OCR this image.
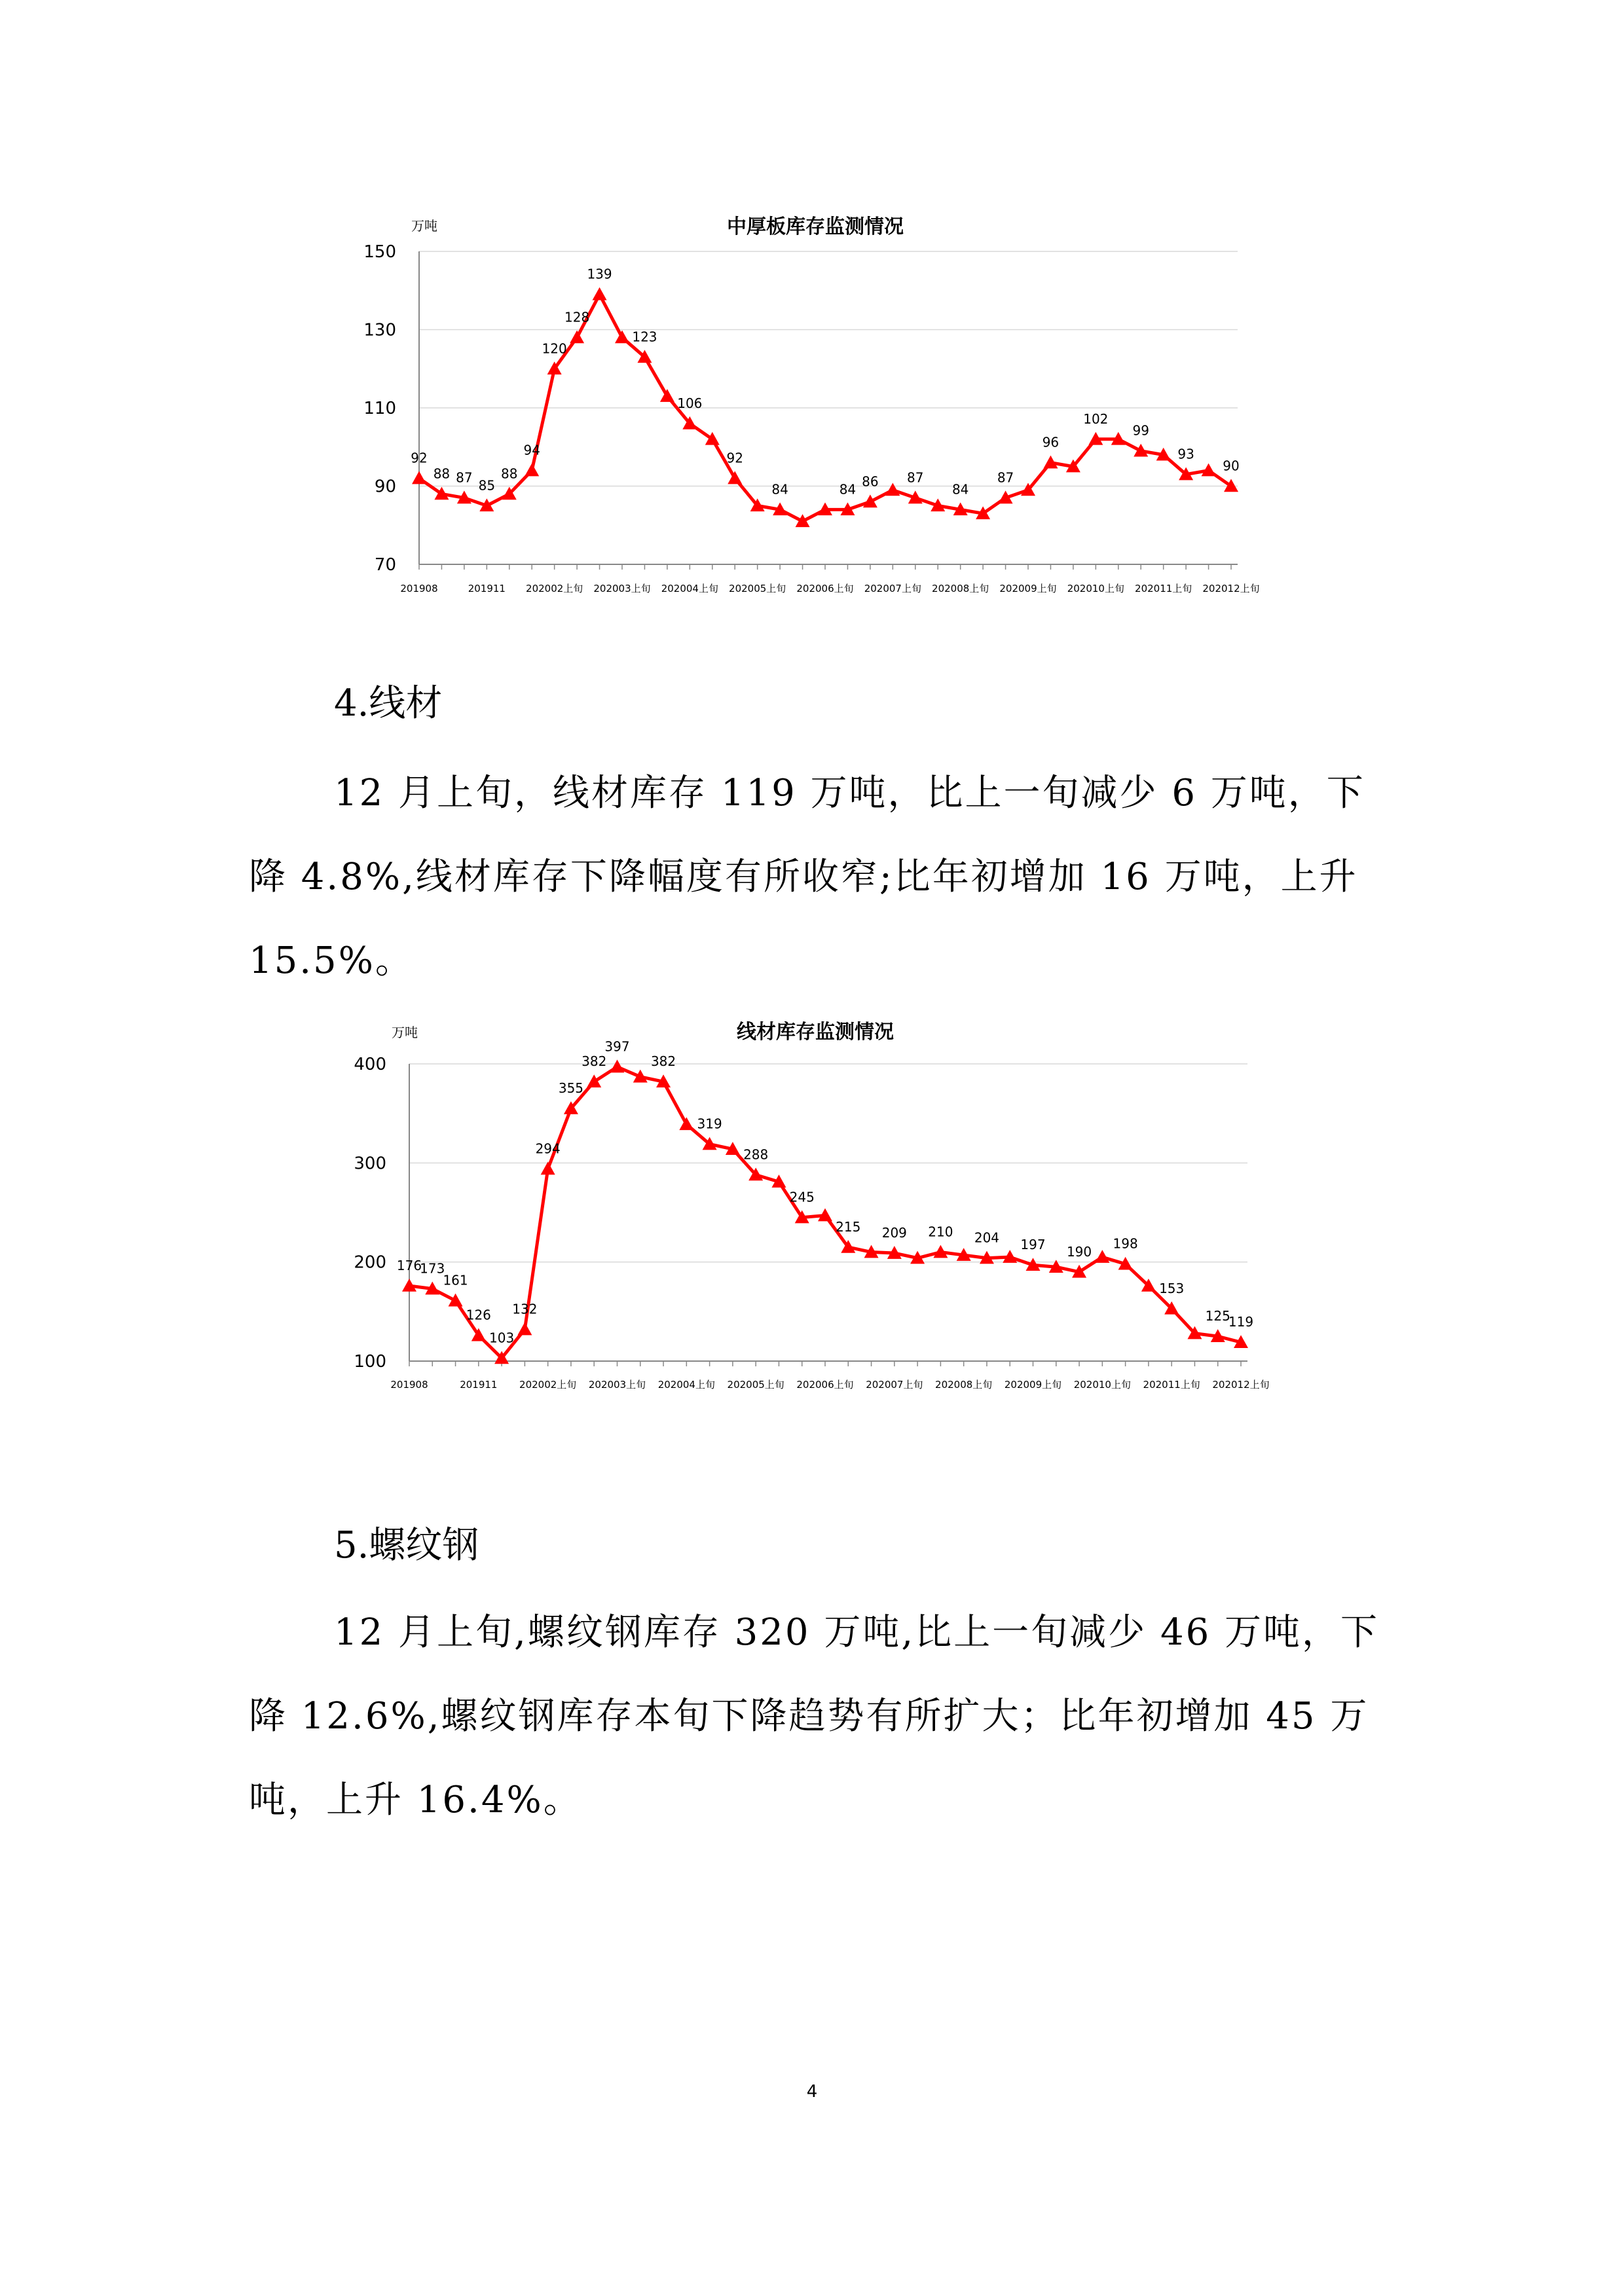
中厚板库存监测情况
万吨
70
90
110
130
150
201908	201911 202002上旬 202003上旬 202004上旬 202005上旬 202006上旬 202007上旬 202008上旬 202009上旬 202010上旬 202011上旬 202012上旬
92
88 87 85
88
94
120
128
139
123
106
92
84	84 86 87
84
87
96
102
99
93
90
线材库存监测情况
万吨
100
200
300
400
201908	201911 202002上旬 202003上旬 202004上旬 202005上旬 202006上旬 202007上旬 202008上旬 202009上旬 202010上旬 202011上旬 202012上旬
176
173
161
126
103
132
294
355
382
397
382
319
288
245
215 209 210 204 197 190
198
153
125
119
4.线材
12 月上旬，线材库存 119 万吨，比上一旬减少 6 万吨，下降 4.8%,线材库存下降幅度有所收窄;比年初增加 16 万吨，上升 15.5%。
5.螺纹钢
12 月上旬,螺纹钢库存 320 万吨,比上一旬减少 46 万吨，下降 12.6%,螺纹钢库存本旬下降趋势有所扩大；比年初增加 45 万吨，上升 16.4%。
4
